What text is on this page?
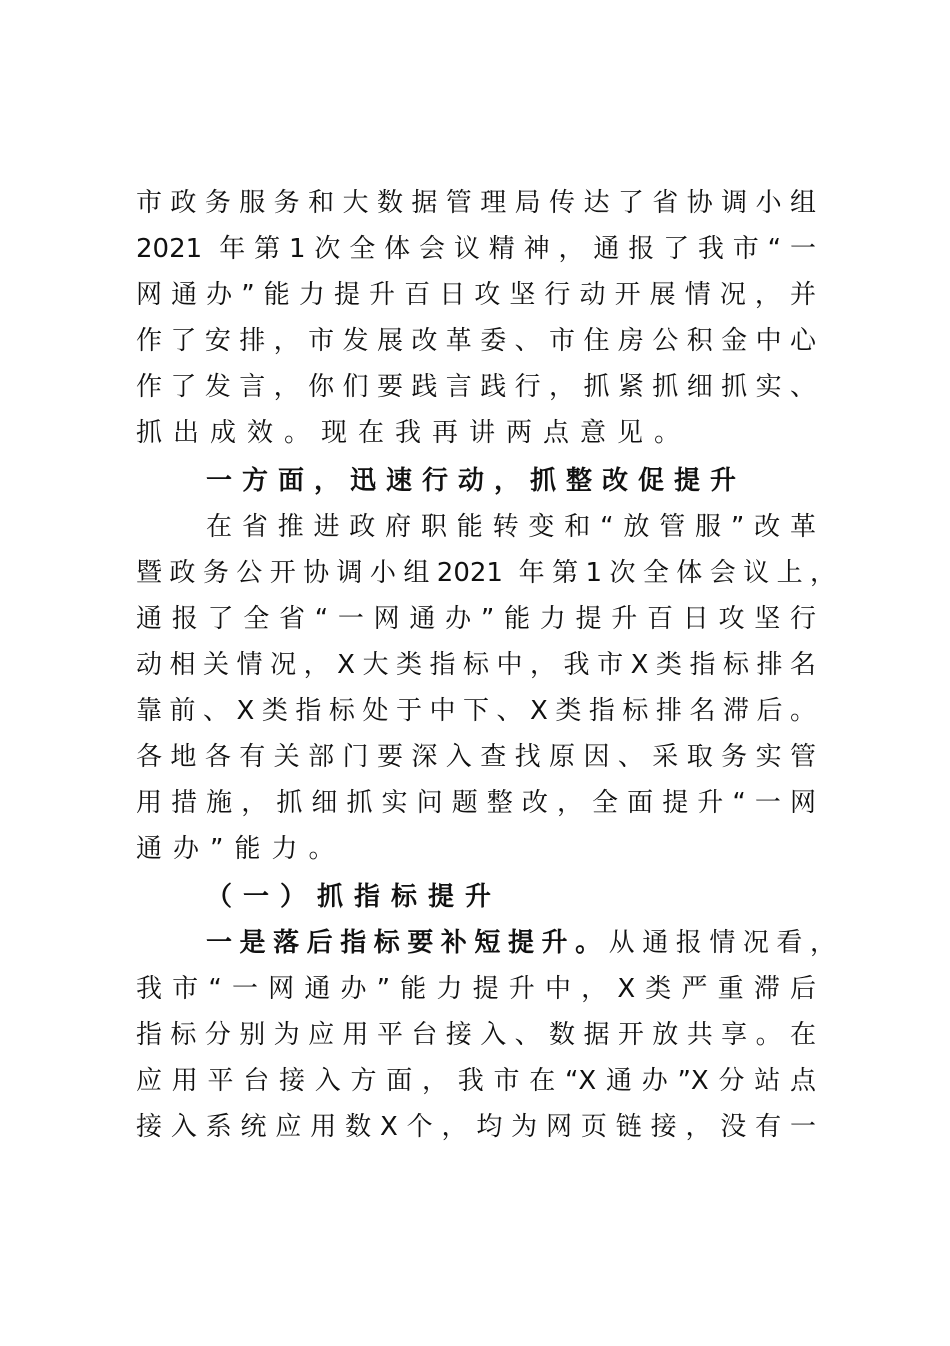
市政务服务和大数据管理局传达了省协调小组
2021 年第1次全体会议精神，通报了我市“一
网通办”能力提升百日攻坚行动开展情况，并
作了安排，市发展改革委、市住房公积金中心
作了发言，你们要践言践行，抓紧抓细抓实、
抓出成效。现在我再讲两点意见。
一方面，迅速行动，抓整改促提升
在省推进政府职能转变和“放管服”改革
暨政务公开协调小组2021 年第1次全体会议上，
通报了全省“一网通办”能力提升百日攻坚行
动相关情况，X大类指标中，我市X类指标排名
靠前、X类指标处于中下、X类指标排名滞后。
各地各有关部门要深入查找原因、采取务实管
用措施，抓细抓实问题整改，全面提升“一网
通办”能力。
（一）抓指标提升
一是落后指标要补短提升。从通报情况看，
我市“一网通办”能力提升中，X类严重滞后
指标分别为应用平台接入、数据开放共享。在
应用平台接入方面，我市在“X通办”X分站点
接入系统应用数X个，均为网页链接，没有一
